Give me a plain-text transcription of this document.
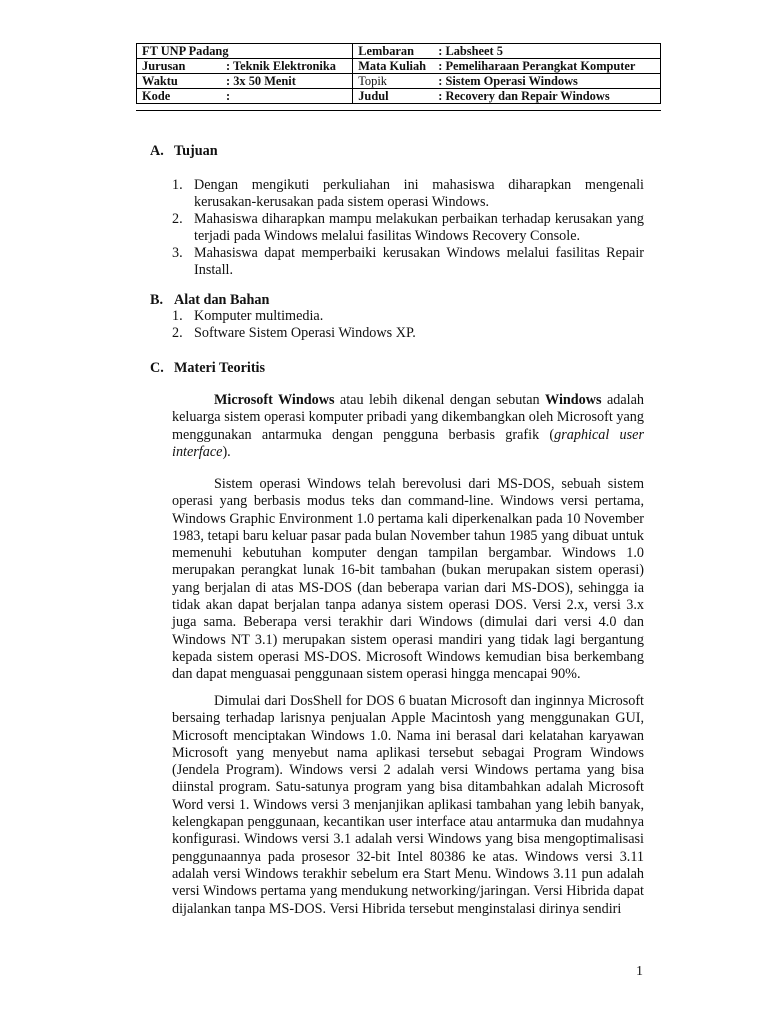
FT UNP Padang	Lembaran : Labsheet 5

Jurusan : Teknik Elektronika	Mata Kuliah : Pemeliharaan Perangkat Komputer

Waktu : 3x 50 Menit	Topik : Sistem Operasi Windows

Kode :	Judul : Recovery dan Repair Windows
A. Tujuan
1. Dengan mengikuti perkuliahan ini mahasiswa diharapkan mengenali kerusakan-kerusakan pada sistem operasi Windows.
2. Mahasiswa diharapkan mampu melakukan perbaikan terhadap kerusakan yang terjadi pada Windows melalui fasilitas Windows Recovery Console.
3. Mahasiswa dapat memperbaiki kerusakan Windows melalui fasilitas Repair Install.
B. Alat dan Bahan
1. Komputer multimedia.
2. Software Sistem Operasi Windows XP.
C. Materi Teoritis

Microsoft Windows atau lebih dikenal dengan sebutan Windows adalah keluarga sistem operasi komputer pribadi yang dikembangkan oleh Microsoft yang menggunakan antarmuka dengan pengguna berbasis grafik (graphical user interface).

Sistem operasi Windows telah berevolusi dari MS-DOS, sebuah sistem operasi yang berbasis modus teks dan command-line. Windows versi pertama, Windows Graphic Environment 1.0 pertama kali diperkenalkan pada 10 November 1983, tetapi baru keluar pasar pada bulan November tahun 1985 yang dibuat untuk memenuhi kebutuhan komputer dengan tampilan bergambar. Windows 1.0 merupakan perangkat lunak 16-bit tambahan (bukan merupakan sistem operasi) yang berjalan di atas MS-DOS (dan beberapa varian dari MS-DOS), sehingga ia tidak akan dapat berjalan tanpa adanya sistem operasi DOS. Versi 2.x, versi 3.x juga sama. Beberapa versi terakhir dari Windows (dimulai dari versi 4.0 dan Windows NT 3.1) merupakan sistem operasi mandiri yang tidak lagi bergantung kepada sistem operasi MS-DOS. Microsoft Windows kemudian bisa berkembang dan dapat menguasai penggunaan sistem operasi hingga mencapai 90%.

Dimulai dari DosShell for DOS 6 buatan Microsoft dan inginnya Microsoft bersaing terhadap larisnya penjualan Apple Macintosh yang menggunakan GUI, Microsoft menciptakan Windows 1.0. Nama ini berasal dari kelatahan karyawan Microsoft yang menyebut nama aplikasi tersebut sebagai Program Windows (Jendela Program). Windows versi 2 adalah versi Windows pertama yang bisa diinstal program. Satu-satunya program yang bisa ditambahkan adalah Microsoft Word versi 1. Windows versi 3 menjanjikan aplikasi tambahan yang lebih banyak, kelengkapan penggunaan, kecantikan user interface atau antarmuka dan mudahnya konfigurasi. Windows versi 3.1 adalah versi Windows yang bisa mengoptimalisasi penggunaannya pada prosesor 32-bit Intel 80386 ke atas. Windows versi 3.11 adalah versi Windows terakhir sebelum era Start Menu. Windows 3.11 pun adalah versi Windows pertama yang mendukung networking/jaringan. Versi Hibrida dapat dijalankan tanpa MS-DOS. Versi Hibrida tersebut menginstalasi dirinya sendiri

1
